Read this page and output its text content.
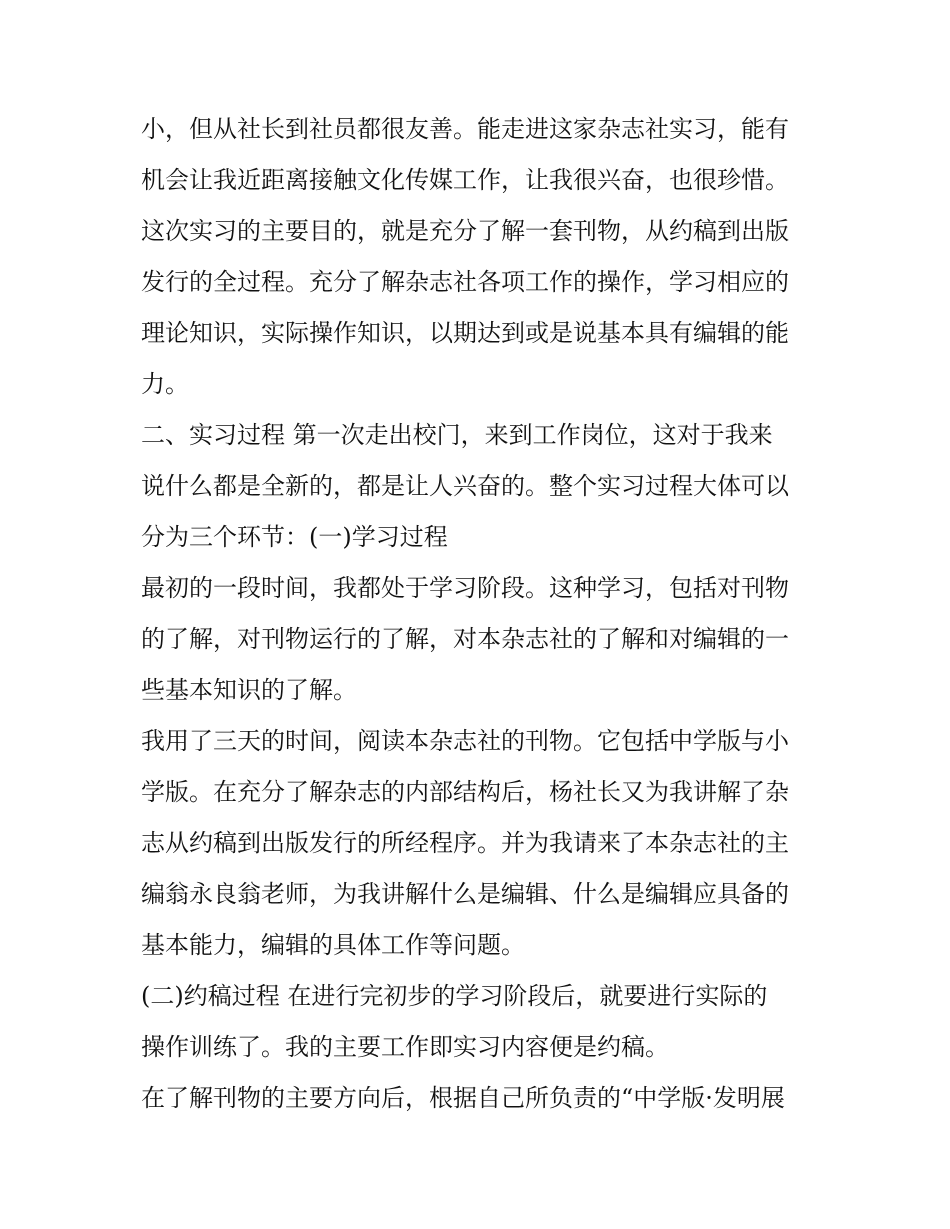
小，但从社长到社员都很友善。能走进这家杂志社实习，能有
机会让我近距离接触文化传媒工作，让我很兴奋，也很珍惜。
这次实习的主要目的，就是充分了解一套刊物，从约稿到出版
发行的全过程。充分了解杂志社各项工作的操作，学习相应的
理论知识，实际操作知识，以期达到或是说基本具有编辑的能
力。
二、实习过程 第一次走出校门，来到工作岗位，这对于我来
说什么都是全新的，都是让人兴奋的。整个实习过程大体可以
分为三个环节：(一)学习过程
最初的一段时间，我都处于学习阶段。这种学习，包括对刊物
的了解，对刊物运行的了解，对本杂志社的了解和对编辑的一
些基本知识的了解。
我用了三天的时间，阅读本杂志社的刊物。它包括中学版与小
学版。在充分了解杂志的内部结构后，杨社长又为我讲解了杂
志从约稿到出版发行的所经程序。并为我请来了本杂志社的主
编翁永良翁老师，为我讲解什么是编辑、什么是编辑应具备的
基本能力，编辑的具体工作等问题。
(二)约稿过程 在进行完初步的学习阶段后，就要进行实际的
操作训练了。我的主要工作即实习内容便是约稿。
在了解刊物的主要方向后，根据自己所负责的“中学版·发明展
